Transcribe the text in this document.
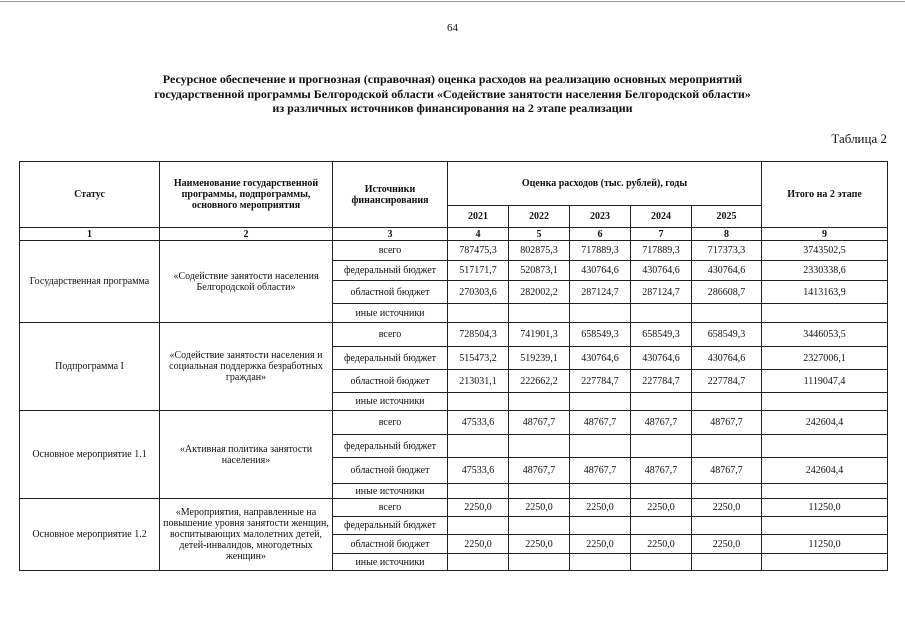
64
Ресурсное обеспечение и прогнозная (справочная) оценка расходов на реализацию основных мероприятий
государственной программы Белгородской области «Содействие занятости населения Белгородской области»
из различных источников финансирования на 2 этапе реализации
Таблица 2
Статус	Наименование государственной программы, подпрограммы, основного мероприятия	Источники финансирования	Оценка расходов (тыс. рублей), годы					Итого на 2 этапе
			2021	2022	2023	2024	2025	
1	2	3	4	5	6	7	8	9
Государственная программа	«Содействие занятости населения Белгородской области»	всего	787475,3	802875,3	717889,3	717889,3	717373,3	3743502,5
		федеральный бюджет	517171,7	520873,1	430764,6	430764,6	430764,6	2330338,6
		областной бюджет	270303,6	282002,2	287124,7	287124,7	286608,7	1413163,9
		иные источники						
Подпрограмма I	«Содействие занятости населения и социальная поддержка безработных граждан»	всего	728504,3	741901,3	658549,3	658549,3	658549,3	3446053,5
		федеральный бюджет	515473,2	519239,1	430764,6	430764,6	430764,6	2327006,1
		областной бюджет	213031,1	222662,2	227784,7	227784,7	227784,7	1119047,4
		иные источники						
Основное мероприятие 1.1	«Активная политика занятости населения»	всего	47533,6	48767,7	48767,7	48767,7	48767,7	242604,4
		федеральный бюджет						
		областной бюджет	47533,6	48767,7	48767,7	48767,7	48767,7	242604,4
		иные источники						
Основное мероприятие 1.2	«Мероприятия, направленные на повышение уровня занятости женщин, воспитывающих малолетних детей, детей-инвалидов, многодетных женщин»	всего	2250,0	2250,0	2250,0	2250,0	2250,0	11250,0
		федеральный бюджет						
		областной бюджет	2250,0	2250,0	2250,0	2250,0	2250,0	11250,0
		иные источники						
